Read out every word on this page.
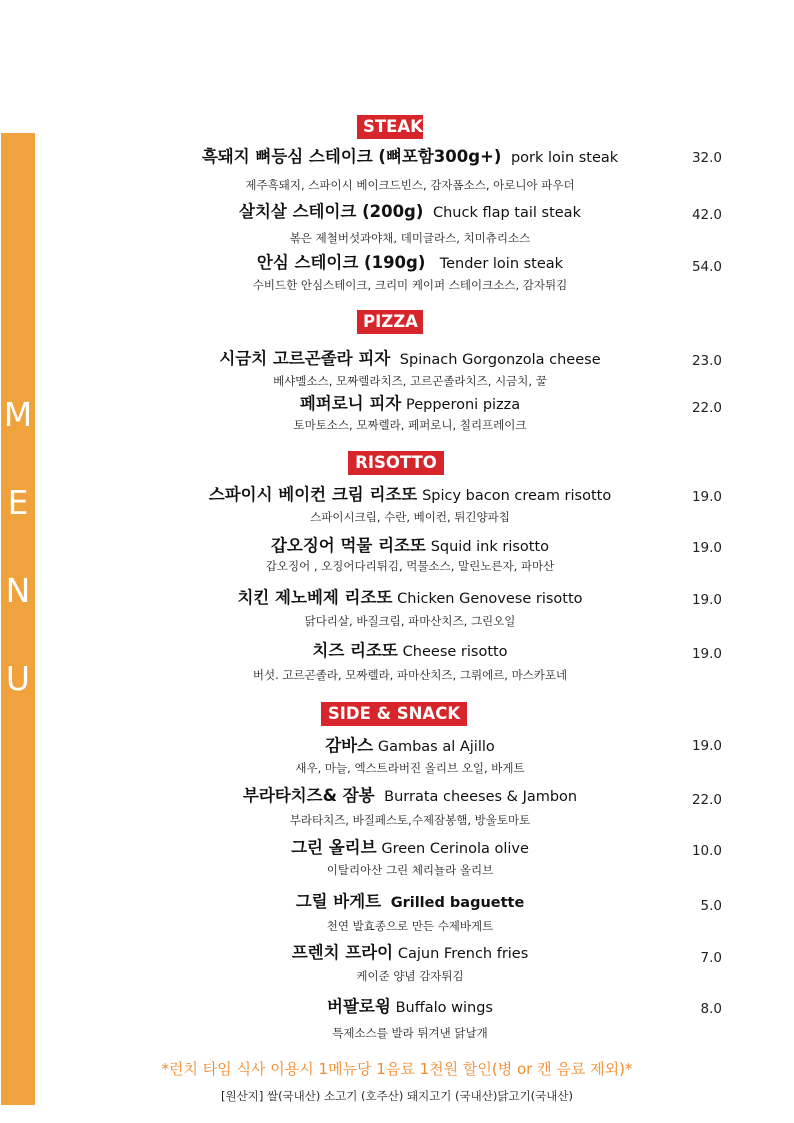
M
E
N
U
STEAK
흑돼지 뼈등심 스테이크 (뼈포함300g+) pork loin steak	32.0
제주흑돼지, 스파이시 베이크드빈스, 감자폼소스, 아로니아 파우더
살치살 스테이크 (200g) Chuck flap tail steak	42.0
볶은 제철버섯과야채, 데미글라스, 치미츄리소스
안심 스테이크 (190g) Tender loin steak	54.0
수비드한 안심스테이크, 크리미 케이퍼 스테이크소스, 감자튀김
PIZZA
시금치 고르곤졸라 피자 Spinach Gorgonzola cheese	23.0
베샤멜소스, 모짜렐라치즈, 고르곤졸라치즈, 시금치, 꿀
페퍼로니 피자 Pepperoni pizza	22.0
토마토소스, 모짜렐라, 페퍼로니, 칠리프레이크
RISOTTO
스파이시 베이컨 크림 리조또 Spicy bacon cream risotto	19.0
스파이시크림, 수란, 베이컨, 튀긴양파칩
갑오징어 먹물 리조또 Squid ink risotto	19.0
갑오징어 , 오징어다리튀김, 먹물소스, 말린노른자, 파마산
치킨 제노베제 리조또 Chicken Genovese risotto	19.0
닭다리살, 바질크림, 파마산치즈, 그린오일
치즈 리조또 Cheese risotto	19.0
버섯. 고르곤졸라, 모짜렐라, 파마산치즈, 그뤼에르, 마스카포네
SIDE & SNACK
감바스 Gambas al Ajillo	19.0
새우, 마늘, 엑스트라버진 올리브 오일, 바게트
부라타치즈& 잠봉 Burrata cheeses & Jambon	22.0
부라타치즈, 바질페스토,수제잠봉햄, 방울토마토
그린 올리브 Green Cerinola olive	10.0
이탈리아산 그린 체리뇰라 올리브
그릴 바게트 Grilled baguette	5.0
천연 발효종으로 만든 수제바게트
프렌치 프라이 Cajun French fries	7.0
케이준 양념 감자튀김
버팔로윙 Buffalo wings	8.0
특제소스를 발라 튀겨낸 닭날개
*런치 타임 식사 이용시 1메뉴당 1음료 1천원 할인(병 or 캔 음료 제외)*
[원산지] 쌀(국내산) 소고기 (호주산) 돼지고기 (국내산)닭고기(국내산)
